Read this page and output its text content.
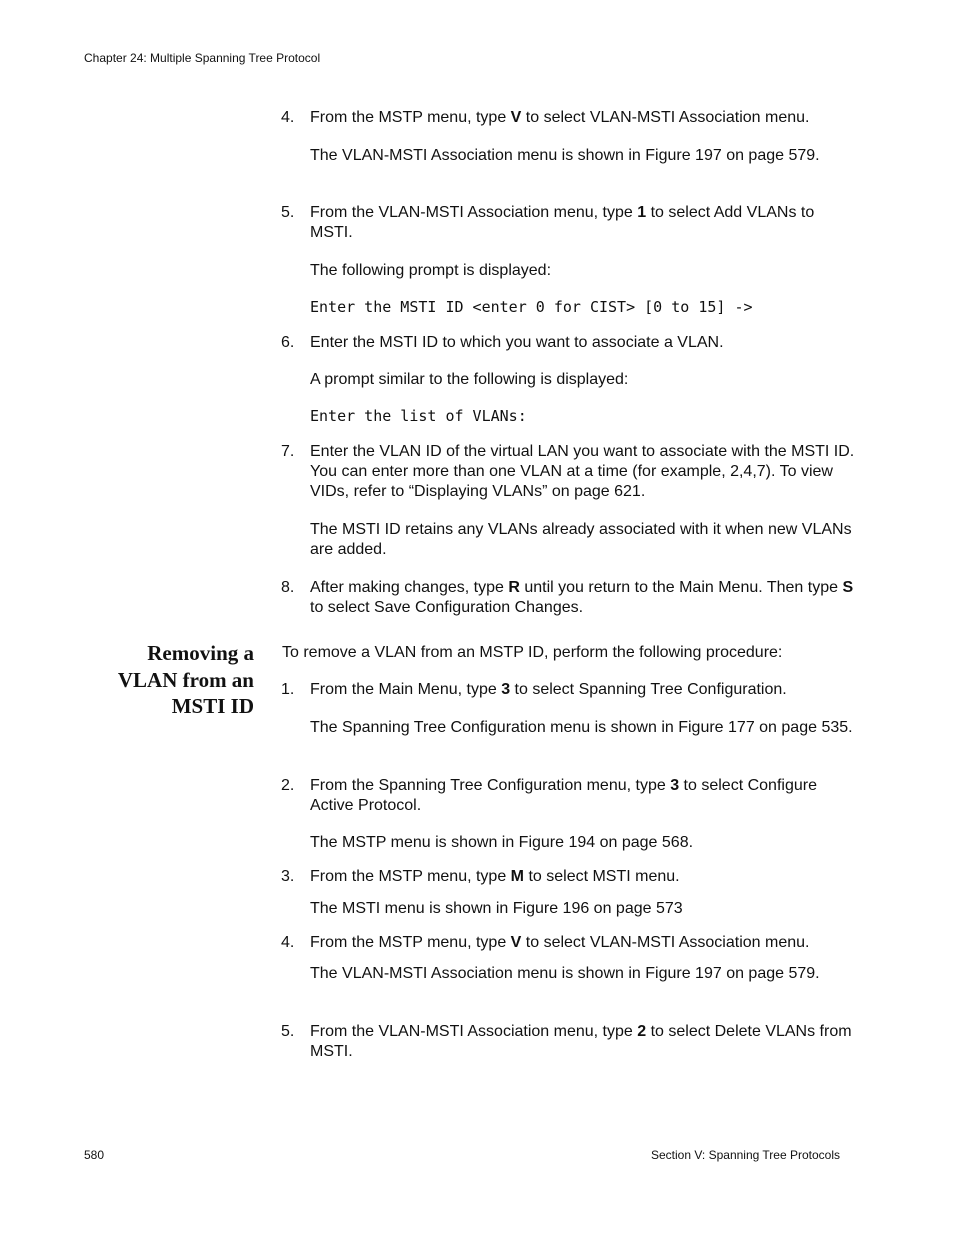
Chapter 24: Multiple Spanning Tree Protocol
4. From the MSTP menu, type V to select VLAN-MSTI Association menu.
The VLAN-MSTI Association menu is shown in Figure 197 on page 579.
5. From the VLAN-MSTI Association menu, type 1 to select Add VLANs to MSTI.
The following prompt is displayed:
Enter the MSTI ID <enter 0 for CIST> [0 to 15] ->
6. Enter the MSTI ID to which you want to associate a VLAN.
A prompt similar to the following is displayed:
Enter the list of VLANs:
7. Enter the VLAN ID of the virtual LAN you want to associate with the MSTI ID. You can enter more than one VLAN at a time (for example, 2,4,7). To view VIDs, refer to “Displaying VLANs” on page 621.
The MSTI ID retains any VLANs already associated with it when new VLANs are added.
8. After making changes, type R until you return to the Main Menu. Then type S to select Save Configuration Changes.
Removing a
VLAN from an
MSTI ID
To remove a VLAN from an MSTP ID, perform the following procedure:
1. From the Main Menu, type 3 to select Spanning Tree Configuration.
The Spanning Tree Configuration menu is shown in Figure 177 on page 535.
2. From the Spanning Tree Configuration menu, type 3 to select Configure Active Protocol.
The MSTP menu is shown in Figure 194 on page 568.
3. From the MSTP menu, type M to select MSTI menu.
The MSTI menu is shown in Figure 196 on page 573
4. From the MSTP menu, type V to select VLAN-MSTI Association menu.
The VLAN-MSTI Association menu is shown in Figure 197 on page 579.
5. From the VLAN-MSTI Association menu, type 2 to select Delete VLANs from MSTI.
580	Section V: Spanning Tree Protocols
